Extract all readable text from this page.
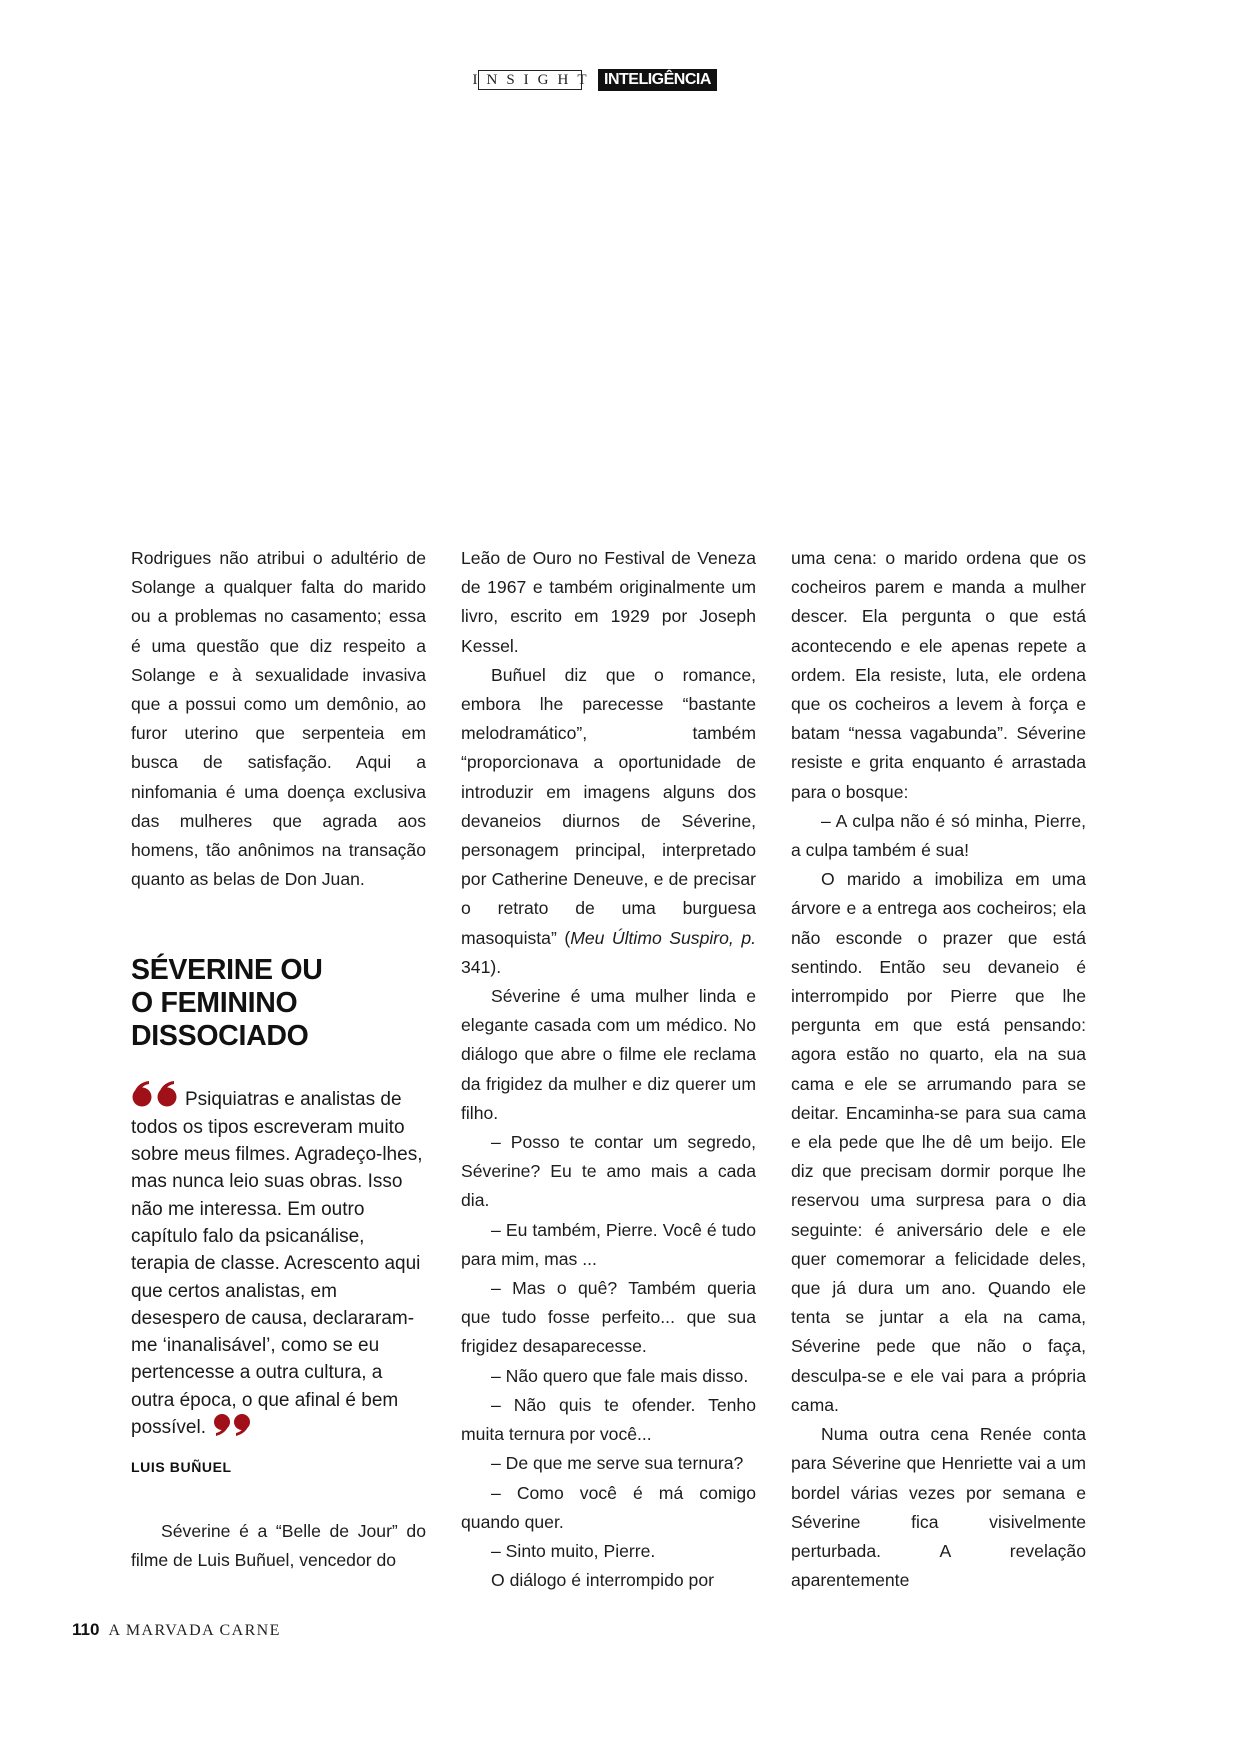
INSIGHT INTELIGÊNCIA

Rodrigues não atribui o adultério de Solange a qualquer falta do marido ou a problemas no casamento; essa é uma questão que diz respeito a Solange e à sexualidade invasiva que a possui como um demônio, ao furor uterino que serpenteia em busca de satisfação. Aqui a ninfomania é uma doença exclusiva das mulheres que agrada aos homens, tão anônimos na transação quanto as belas de Don Juan.

SÉVERINE OU
O FEMININO
DISSOCIADO
Psiquiatras e analistas de todos os tipos escreveram muito sobre meus filmes. Agradeço-lhes, mas nunca leio suas obras. Isso não me interessa. Em outro capítulo falo da psicanálise, terapia de classe. Acrescento aqui que certos analistas, em desespero de causa, declararam-me ‘inanalisável’, como se eu pertencesse a outra cultura, a outra época, o que afinal é bem possível.
LUIS BUÑUEL

Séverine é a “Belle de Jour” do filme de Luis Buñuel, vencedor do

Leão de Ouro no Festival de Veneza de 1967 e também originalmente um livro, escrito em 1929 por Joseph Kessel.

Buñuel diz que o romance, embora lhe parecesse “bastante melodramático”, também “proporcionava a oportunidade de introduzir em imagens alguns dos devaneios diurnos de Séverine, personagem principal, interpretado por Catherine Deneuve, e de precisar o retrato de uma burguesa masoquista” (Meu Último Suspiro, p. 341).

Séverine é uma mulher linda e elegante casada com um médico. No diálogo que abre o filme ele reclama da frigidez da mulher e diz querer um filho.

– Posso te contar um segredo, Séverine? Eu te amo mais a cada dia.

– Eu também, Pierre. Você é tudo para mim, mas ...

– Mas o quê? Também queria que tudo fosse perfeito... que sua frigidez desaparecesse.

– Não quero que fale mais disso.

– Não quis te ofender. Tenho muita ternura por você...

– De que me serve sua ternura?

– Como você é má comigo quando quer.

– Sinto muito, Pierre.

O diálogo é interrompido por

uma cena: o marido ordena que os cocheiros parem e manda a mulher descer. Ela pergunta o que está acontecendo e ele apenas repete a ordem. Ela resiste, luta, ele ordena que os cocheiros a levem à força e batam “nessa vagabunda”. Séverine resiste e grita enquanto é arrastada para o bosque:

– A culpa não é só minha, Pierre, a culpa também é sua!

O marido a imobiliza em uma árvore e a entrega aos cocheiros; ela não esconde o prazer que está sentindo. Então seu devaneio é interrompido por Pierre que lhe pergunta em que está pensando: agora estão no quarto, ela na sua cama e ele se arrumando para se deitar. Encaminha-se para sua cama e ela pede que lhe dê um beijo. Ele diz que precisam dormir porque lhe reservou uma surpresa para o dia seguinte: é aniversário dele e ele quer comemorar a felicidade deles, que já dura um ano. Quando ele tenta se juntar a ela na cama, Séverine pede que não o faça, desculpa-se e ele vai para a própria cama.

Numa outra cena Renée conta para Séverine que Henriette vai a um bordel várias vezes por semana e Séverine fica visivelmente perturbada. A revelação aparentemente

110 A MARVADA CARNE
